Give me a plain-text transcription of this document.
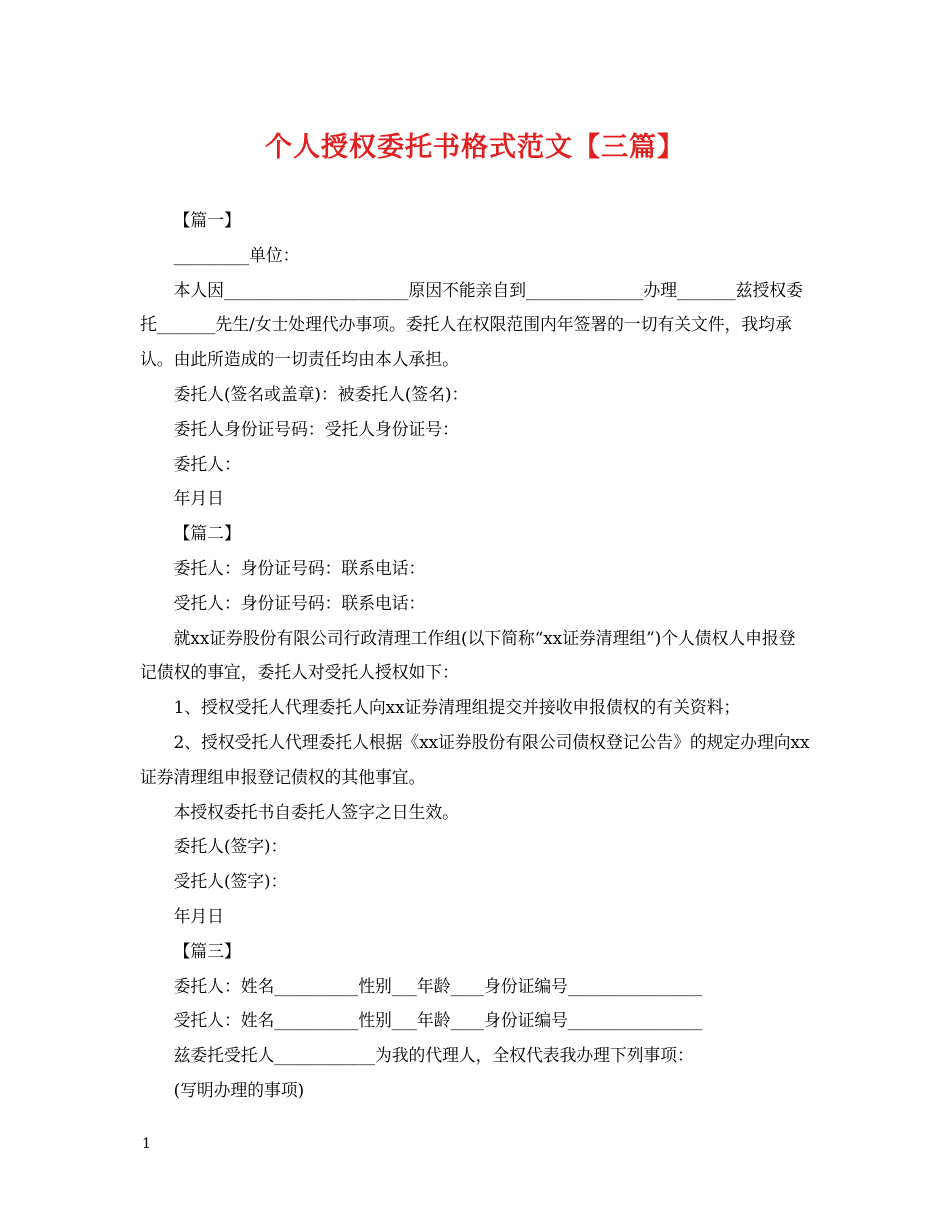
个人授权委托书格式范文【三篇】

【篇一】

_________单位：

本人因______________________原因不能亲自到______________办理_______兹授权委托_______先生/女士处理代办事项。委托人在权限范围内年签署的一切有关文件，我均承认。由此所造成的一切责任均由本人承担。

委托人(签名或盖章)：被委托人(签名)：

委托人身份证号码：受托人身份证号：

委托人：

年月日

【篇二】

委托人：身份证号码：联系电话：

受托人：身份证号码：联系电话：

就xx证券股份有限公司行政清理工作组(以下简称“xx证券清理组”)个人债权人申报登记债权的事宜，委托人对受托人授权如下：

1、授权受托人代理委托人向xx证券清理组提交并接收申报债权的有关资料；

2、授权受托人代理委托人根据《xx证券股份有限公司债权登记公告》的规定办理向xx证券清理组申报登记债权的其他事宜。

本授权委托书自委托人签字之日生效。

委托人(签字)：

受托人(签字)：

年月日

【篇三】

委托人：姓名__________性别___年龄____身份证编号________________

受托人：姓名__________性别___年龄____身份证编号________________

兹委托受托人____________为我的代理人，全权代表我办理下列事项：

(写明办理的事项)

1
